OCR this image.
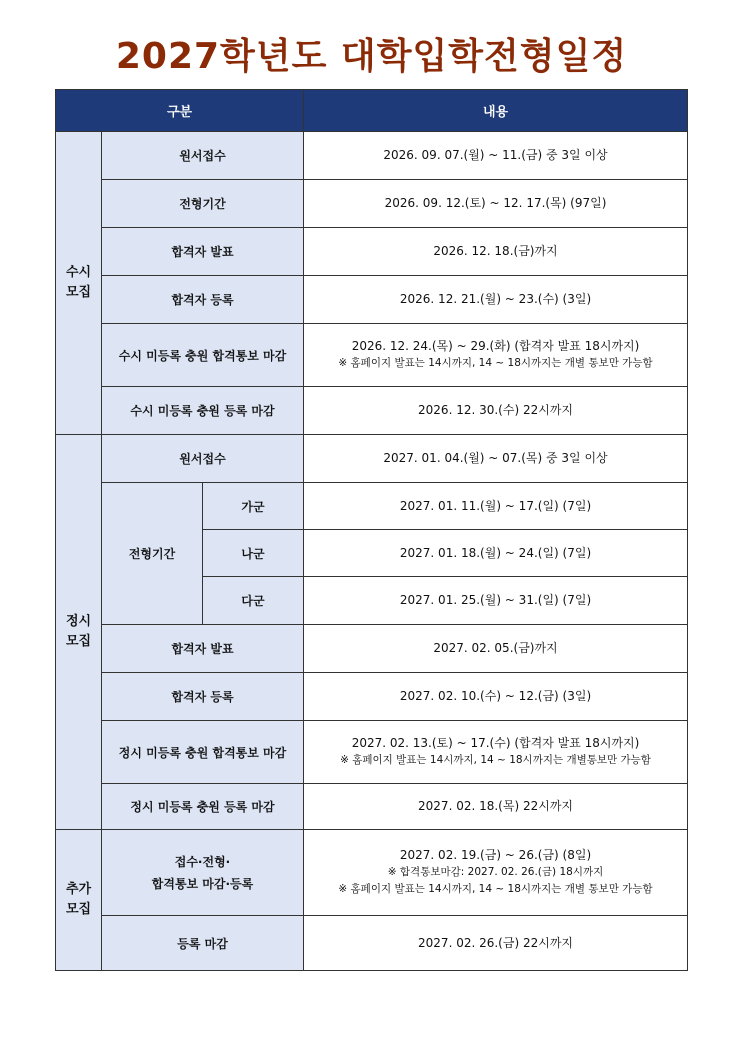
2027학년도 대학입학전형일정
구분			내용

수시
모집	원서접수		2026. 09. 07.(월) ~ 11.(금) 중 3일 이상
	전형기간		2026. 09. 12.(토) ~ 12. 17.(목) (97일)
	합격자 발표		2026. 12. 18.(금)까지
	합격자 등록		2026. 12. 21.(월) ~ 23.(수) (3일)
	수시 미등록 충원 합격통보 마감		2026. 12. 24.(목) ~ 29.(화) (합격자 발표 18시까지)
※ 홈페이지 발표는 14시까지, 14 ~ 18시까지는 개별 통보만 가능함

	수시 미등록 충원 등록 마감		2026. 12. 30.(수) 22시까지

정시
모집	원서접수		2027. 01. 04.(월) ~ 07.(목) 중 3일 이상
	전형기간	가군	2027. 01. 11.(월) ~ 17.(일) (7일)
		나군	2027. 01. 18.(월) ~ 24.(일) (7일)
		다군	2027. 01. 25.(월) ~ 31.(일) (7일)
	합격자 발표		2027. 02. 05.(금)까지
	합격자 등록		2027. 02. 10.(수) ~ 12.(금) (3일)
	정시 미등록 충원 합격통보 마감		2027. 02. 13.(토) ~ 17.(수) (합격자 발표 18시까지)
※ 홈페이지 발표는 14시까지, 14 ~ 18시까지는 개별통보만 가능함

	정시 미등록 충원 등록 마감		2027. 02. 18.(목) 22시까지

추가
모집	접수·전형·
합격통보 마감·등록		2027. 02. 19.(금) ~ 26.(금) (8일)
※ 합격통보마감: 2027. 02. 26.(금) 18시까지
※ 홈페이지 발표는 14시까지, 14 ~ 18시까지는 개별 통보만 가능함

	등록 마감		2027. 02. 26.(금) 22시까지
